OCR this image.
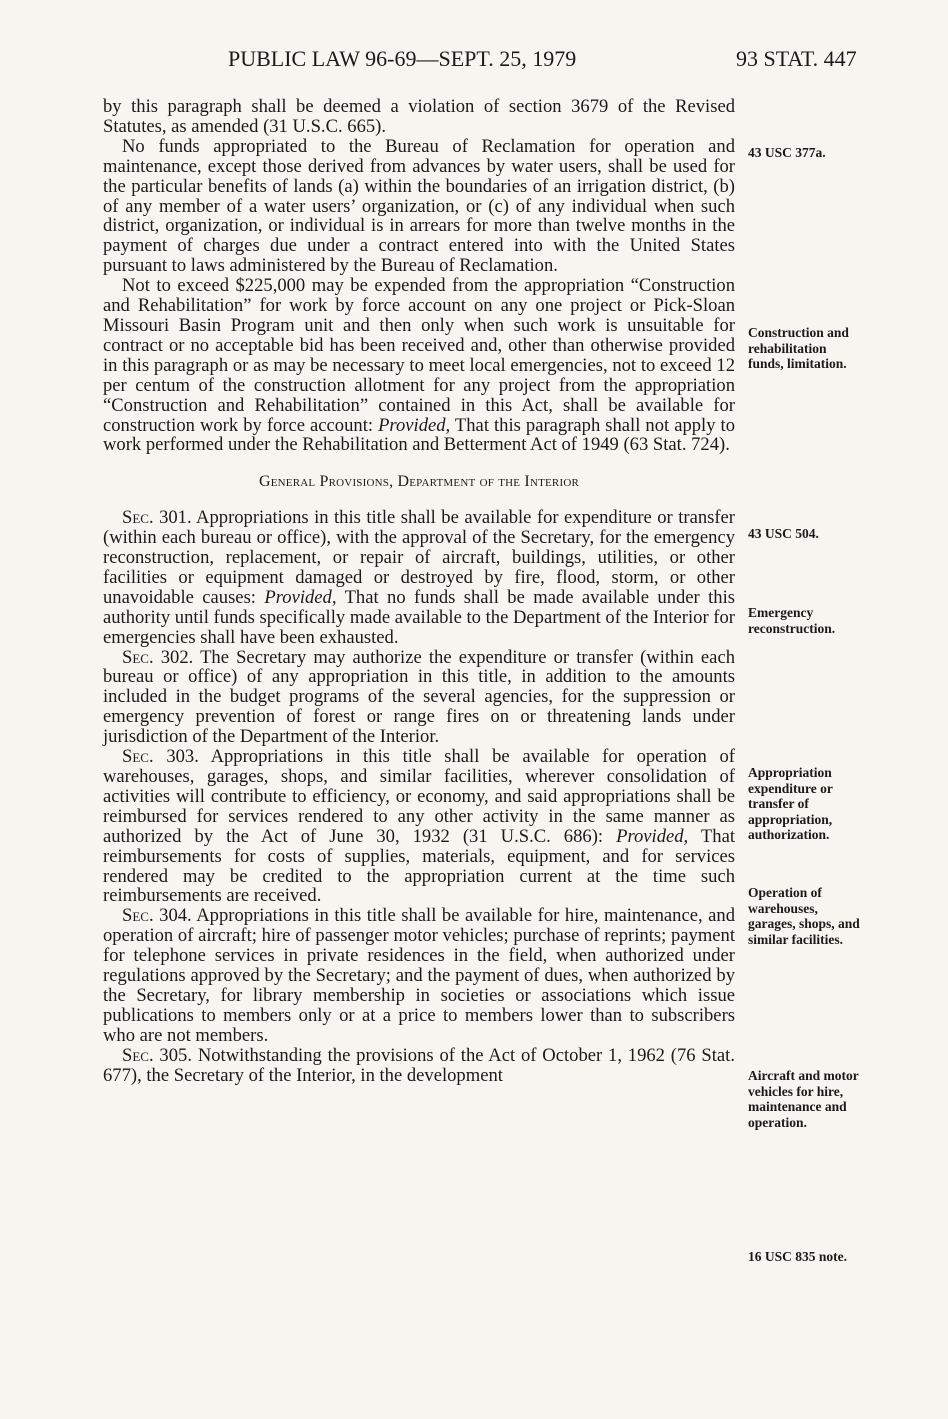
PUBLIC LAW 96-69—SEPT. 25, 1979	93 STAT. 447

by this paragraph shall be deemed a violation of section 3679 of the Revised Statutes, as amended (31 U.S.C. 665).

No funds appropriated to the Bureau of Reclamation for operation and maintenance, except those derived from advances by water users, shall be used for the particular benefits of lands (a) within the boundaries of an irrigation district, (b) of any member of a water users’ organization, or (c) of any individual when such district, organization, or individual is in arrears for more than twelve months in the payment of charges due under a contract entered into with the United States pursuant to laws administered by the Bureau of Reclamation.

Not to exceed $225,000 may be expended from the appropriation “Construction and Rehabilitation” for work by force account on any one project or Pick-Sloan Missouri Basin Program unit and then only when such work is unsuitable for contract or no acceptable bid has been received and, other than otherwise provided in this paragraph or as may be necessary to meet local emergencies, not to exceed 12 per centum of the construction allotment for any project from the appropriation “Construction and Rehabilitation” contained in this Act, shall be available for construction work by force account: Provided, That this paragraph shall not apply to work performed under the Rehabilitation and Betterment Act of 1949 (63 Stat. 724).

General Provisions, Department of the Interior

Sec. 301. Appropriations in this title shall be available for expenditure or transfer (within each bureau or office), with the approval of the Secretary, for the emergency reconstruction, replacement, or repair of aircraft, buildings, utilities, or other facilities or equipment damaged or destroyed by fire, flood, storm, or other unavoidable causes: Provided, That no funds shall be made available under this authority until funds specifically made available to the Department of the Interior for emergencies shall have been exhausted.

Sec. 302. The Secretary may authorize the expenditure or transfer (within each bureau or office) of any appropriation in this title, in addition to the amounts included in the budget programs of the several agencies, for the suppression or emergency prevention of forest or range fires on or threatening lands under jurisdiction of the Department of the Interior.

Sec. 303. Appropriations in this title shall be available for operation of warehouses, garages, shops, and similar facilities, wherever consolidation of activities will contribute to efficiency, or economy, and said appropriations shall be reimbursed for services rendered to any other activity in the same manner as authorized by the Act of June 30, 1932 (31 U.S.C. 686): Provided, That reimbursements for costs of supplies, materials, equipment, and for services rendered may be credited to the appropriation current at the time such reimbursements are received.

Sec. 304. Appropriations in this title shall be available for hire, maintenance, and operation of aircraft; hire of passenger motor vehicles; purchase of reprints; payment for telephone services in private residences in the field, when authorized under regulations approved by the Secretary; and the payment of dues, when authorized by the Secretary, for library membership in societies or associations which issue publications to members only or at a price to members lower than to subscribers who are not members.

Sec. 305. Notwithstanding the provisions of the Act of October 1, 1962 (76 Stat. 677), the Secretary of the Interior, in the development

43 USC 377a.
Construction and rehabilitation funds, limitation.
43 USC 504.
Emergency reconstruction.
Appropriation expenditure or transfer of appropriation, authorization.
Operation of warehouses, garages, shops, and similar facilities.
Aircraft and motor vehicles for hire, maintenance and operation.
16 USC 835 note.
